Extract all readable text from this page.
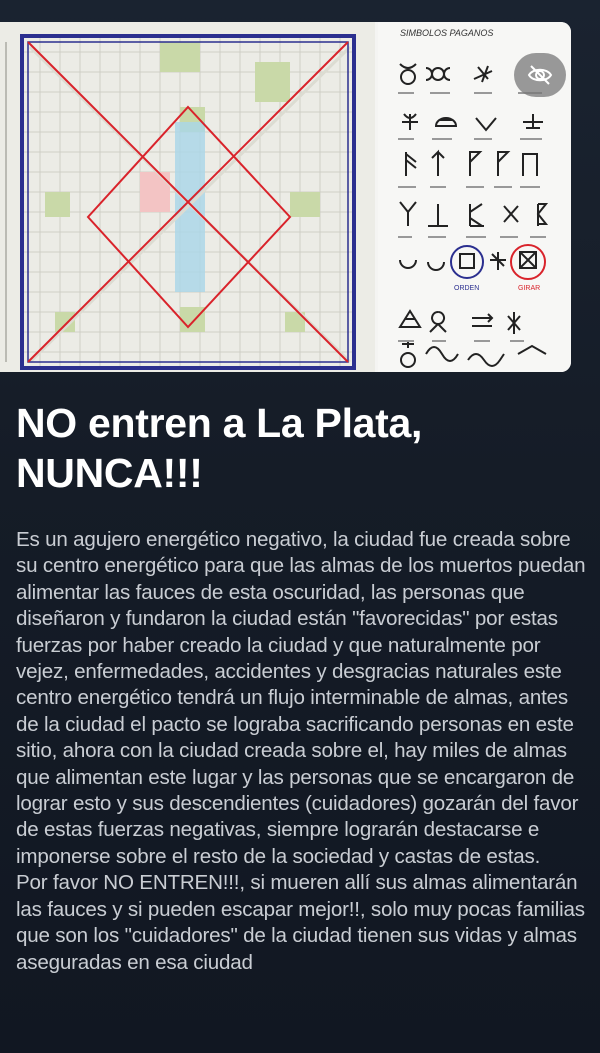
SIMBOLOS PAGANOS
ORDEN	GIRAR
NO entren a La Plata,
NUNCA!!!

Es un agujero energético negativo, la ciudad fue creada sobre su centro energético para que las almas de los muertos puedan alimentar las fauces de esta oscuridad, las personas que diseñaron y fundaron la ciudad están "favorecidas" por estas fuerzas por haber creado la ciudad y que naturalmente por vejez, enfermedades, accidentes y desgracias naturales este centro energético tendrá un flujo interminable de almas, antes de la ciudad el pacto se lograba sacrificando personas en este sitio, ahora con la ciudad creada sobre el, hay miles de almas que alimentan este lugar y las personas que se encargaron de lograr esto y sus descendientes (cuidadores) gozarán del favor de estas fuerzas negativas, siempre lograrán destacarse e imponerse sobre el resto de la sociedad y castas de estas.
Por favor NO ENTREN!!!, si mueren allí sus almas alimentarán las fauces y si pueden escapar mejor!!, solo muy pocas familias que son los "cuidadores" de la ciudad tienen sus vidas y almas aseguradas en esa ciudad
